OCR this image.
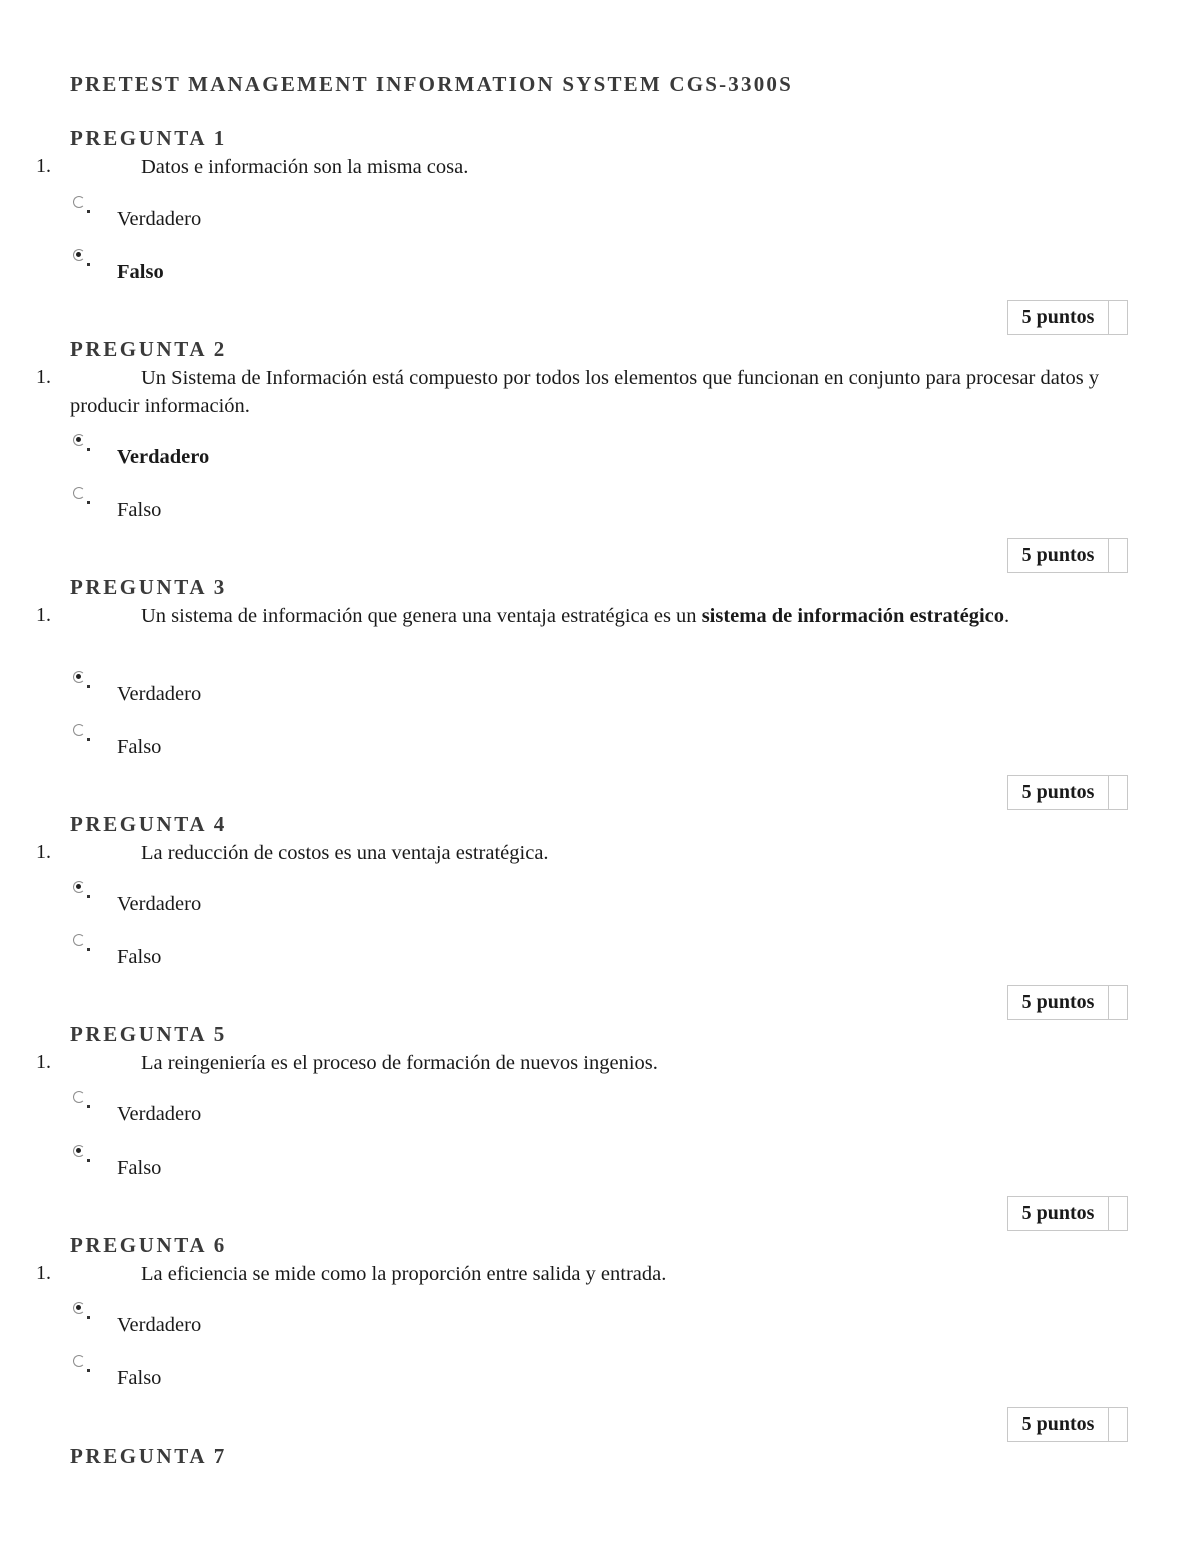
PRETEST MANAGEMENT INFORMATION SYSTEM CGS-3300S
PREGUNTA 1
1.	Datos e información son la misma cosa.
Verdadero
Falso
5 puntos
PREGUNTA 2
1.	Un Sistema de Información está compuesto por todos los elementos que funcionan en conjunto para procesar datos y producir información.
Verdadero
Falso
5 puntos
PREGUNTA 3
1.	Un sistema de información que genera una ventaja estratégica es un sistema de información estratégico.
Verdadero
Falso
5 puntos
PREGUNTA 4
1.	La reducción de costos es una ventaja estratégica.
Verdadero
Falso
5 puntos
PREGUNTA 5
1.	La reingeniería es el proceso de formación de nuevos ingenios.
Verdadero
Falso
5 puntos
PREGUNTA 6
1.	La eficiencia se mide como la proporción entre salida y entrada.
Verdadero
Falso
5 puntos
PREGUNTA 7
